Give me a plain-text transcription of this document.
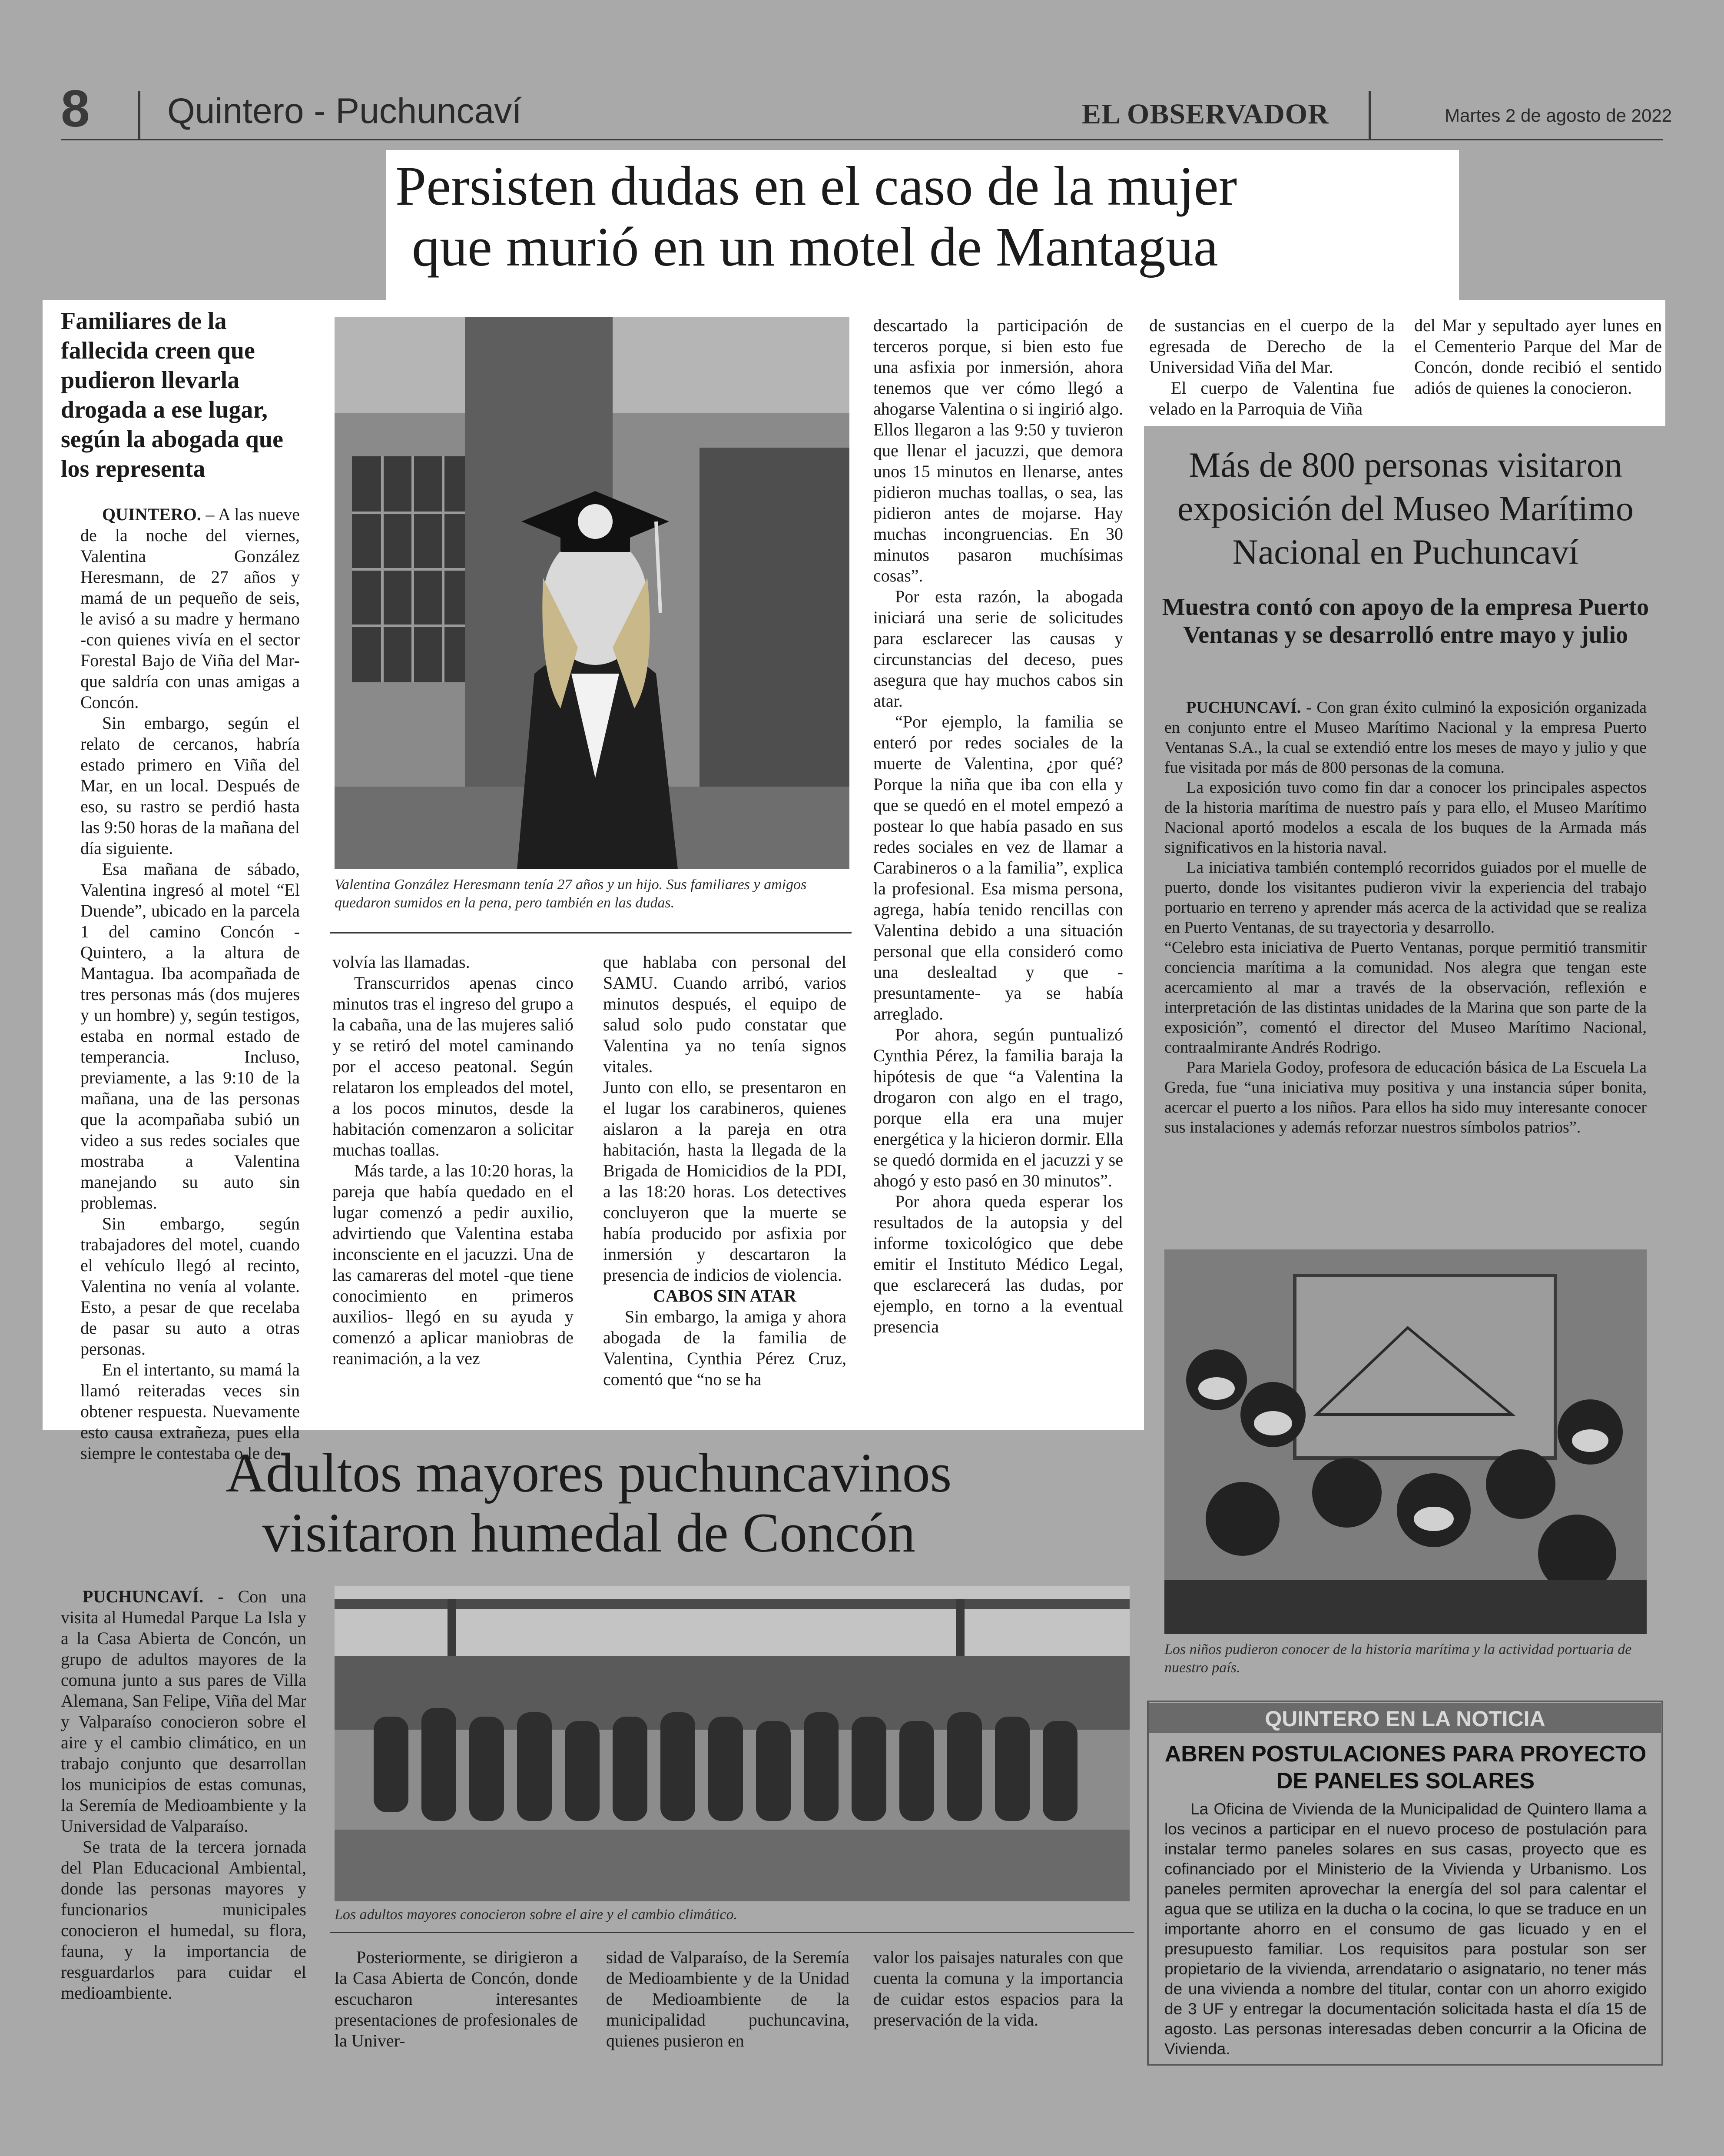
8 Quintero - Puchuncaví	EL OBSERVADOR	Martes 2 de agosto de 2022
Persisten dudas en el caso de la mujer
que murió en un motel de Mantagua
Familiares de la fallecida creen que pudieron llevarla drogada a ese lugar, según la abogada que los representa

QUINTERO. – A las nueve de la noche del viernes, Valentina González Heresmann, de 27 años y mamá de un pequeño de seis, le avisó a su madre y hermano -con quienes vivía en el sector Forestal Bajo de Viña del Mar- que saldría con unas amigas a Concón.

Sin embargo, según el relato de cercanos, habría estado primero en Viña del Mar, en un local. Después de eso, su rastro se perdió hasta las 9:50 horas de la mañana del día siguiente.

Esa mañana de sábado, Valentina ingresó al motel “El Duende”, ubicado en la parcela 1 del camino Concón - Quintero, a la altura de Mantagua. Iba acompañada de tres personas más (dos mujeres y un hombre) y, según testigos, estaba en normal estado de temperancia. Incluso, previamente, a las 9:10 de la mañana, una de las personas que la acompañaba subió un video a sus redes sociales que mostraba a Valentina manejando su auto sin problemas.

Sin embargo, según trabajadores del motel, cuando el vehículo llegó al recinto, Valentina no venía al volante. Esto, a pesar de que recelaba de pasar su auto a otras personas.

En el intertanto, su mamá la llamó reiteradas veces sin obtener respuesta. Nuevamente esto causa extrañeza, pues ella siempre le contestaba o le de-

Valentina González Heresmann tenía 27 años y un hijo. Sus familiares y amigos quedaron sumidos en la pena, pero también en las dudas.

volvía las llamadas.

Transcurridos apenas cinco minutos tras el ingreso del grupo a la cabaña, una de las mujeres salió y se retiró del motel caminando por el acceso peatonal. Según relataron los empleados del motel, a los pocos minutos, desde la habitación comenzaron a solicitar muchas toallas.

Más tarde, a las 10:20 horas, la pareja que había quedado en el lugar comenzó a pedir auxilio, advirtiendo que Valentina estaba inconsciente en el jacuzzi. Una de las camareras del motel -que tiene conocimiento en primeros auxilios- llegó en su ayuda y comenzó a aplicar maniobras de reanimación, a la vez

que hablaba con personal del SAMU. Cuando arribó, varios minutos después, el equipo de salud solo pudo constatar que Valentina ya no tenía signos vitales.

Junto con ello, se presentaron en el lugar los carabineros, quienes aislaron a la pareja en otra habitación, hasta la llegada de la Brigada de Homicidios de la PDI, a las 18:20 horas. Los detectives concluyeron que la muerte se había producido por asfixia por inmersión y descartaron la presencia de indicios de violencia.

CABOS SIN ATAR

Sin embargo, la amiga y ahora abogada de la familia de Valentina, Cynthia Pérez Cruz, comentó que “no se ha

descartado la participación de terceros porque, si bien esto fue una asfixia por inmersión, ahora tenemos que ver cómo llegó a ahogarse Valentina o si ingirió algo. Ellos llegaron a las 9:50 y tuvieron que llenar el jacuzzi, que demora unos 15 minutos en llenarse, antes pidieron muchas toallas, o sea, las pidieron antes de mojarse. Hay muchas incongruencias. En 30 minutos pasaron muchísimas cosas”.

Por esta razón, la abogada iniciará una serie de solicitudes para esclarecer las causas y circunstancias del deceso, pues asegura que hay muchos cabos sin atar.

“Por ejemplo, la familia se enteró por redes sociales de la muerte de Valentina, ¿por qué? Porque la niña que iba con ella y que se quedó en el motel empezó a postear lo que había pasado en sus redes sociales en vez de llamar a Carabineros o a la familia”, explica la profesional. Esa misma persona, agrega, había tenido rencillas con Valentina debido a una situación personal que ella consideró como una deslealtad y que -presuntamente- ya se había arreglado.

Por ahora, según puntualizó Cynthia Pérez, la familia baraja la hipótesis de que “a Valentina la drogaron con algo en el trago, porque ella era una mujer energética y la hicieron dormir. Ella se quedó dormida en el jacuzzi y se ahogó y esto pasó en 30 minutos”.

Por ahora queda esperar los resultados de la autopsia y del informe toxicológico que debe emitir el Instituto Médico Legal, que esclarecerá las dudas, por ejemplo, en torno a la eventual presencia

de sustancias en el cuerpo de la egresada de Derecho de la Universidad Viña del Mar.

El cuerpo de Valentina fue velado en la Parroquia de Viña

del Mar y sepultado ayer lunes en el Cementerio Parque del Mar de Concón, donde recibió el sentido adiós de quienes la conocieron.

Más de 800 personas visitaron exposición del Museo Marítimo Nacional en Puchuncaví
Muestra contó con apoyo de la empresa Puerto Ventanas y se desarrolló entre mayo y julio

PUCHUNCAVÍ. - Con gran éxito culminó la exposición organizada en conjunto entre el Museo Marítimo Nacional y la empresa Puerto Ventanas S.A., la cual se extendió entre los meses de mayo y julio y que fue visitada por más de 800 personas de la comuna.

La exposición tuvo como fin dar a conocer los principales aspectos de la historia marítima de nuestro país y para ello, el Museo Marítimo Nacional aportó modelos a escala de los buques de la Armada más significativos en la historia naval.

La iniciativa también contempló recorridos guiados por el muelle de puerto, donde los visitantes pudieron vivir la experiencia del trabajo portuario en terreno y aprender más acerca de la actividad que se realiza en Puerto Ventanas, de su trayectoria y desarrollo.

“Celebro esta iniciativa de Puerto Ventanas, porque permitió transmitir conciencia marítima a la comunidad. Nos alegra que tengan este acercamiento al mar a través de la observación, reflexión e interpretación de las distintas unidades de la Marina que son parte de la exposición”, comentó el director del Museo Marítimo Nacional, contraalmirante Andrés Rodrigo.

Para Mariela Godoy, profesora de educación básica de La Escuela La Greda, fue “una iniciativa muy positiva y una instancia súper bonita, acercar el puerto a los niños. Para ellos ha sido muy interesante conocer sus instalaciones y además reforzar nuestros símbolos patrios”.

Los niños pudieron conocer de la historia marítima y la actividad portuaria de nuestro país.
Adultos mayores puchuncavinos
visitaron humedal de Concón

PUCHUNCAVÍ. - Con una visita al Humedal Parque La Isla y a la Casa Abierta de Concón, un grupo de adultos mayores de la comuna junto a sus pares de Villa Alemana, San Felipe, Viña del Mar y Valparaíso conocieron sobre el aire y el cambio climático, en un trabajo conjunto que desarrollan los municipios de estas comunas, la Seremía de Medioambiente y la Universidad de Valparaíso.

Se trata de la tercera jornada del Plan Educacional Ambiental, donde las personas mayores y funcionarios municipales conocieron el humedal, su flora, fauna, y la importancia de resguardarlos para cuidar el medioambiente.

Los adultos mayores conocieron sobre el aire y el cambio climático.

Posteriormente, se dirigieron a la Casa Abierta de Concón, donde escucharon interesantes presentaciones de profesionales de la Univer-

sidad de Valparaíso, de la Seremía de Medioambiente y de la Unidad de Medioambiente de la municipalidad puchuncavina, quienes pusieron en

valor los paisajes naturales con que cuenta la comuna y la importancia de cuidar estos espacios para la preservación de la vida.

QUINTERO EN LA NOTICIA
ABREN POSTULACIONES PARA PROYECTO DE PANELES SOLARES

La Oficina de Vivienda de la Municipalidad de Quintero llama a los vecinos a participar en el nuevo proceso de postulación para instalar termo paneles solares en sus casas, proyecto que es cofinanciado por el Ministerio de la Vivienda y Urbanismo. Los paneles permiten aprovechar la energía del sol para calentar el agua que se utiliza en la ducha o la cocina, lo que se traduce en un importante ahorro en el consumo de gas licuado y en el presupuesto familiar. Los requisitos para postular son ser propietario de la vivienda, arrendatario o asignatario, no tener más de una vivienda a nombre del titular, contar con un ahorro exigido de 3 UF y entregar la documentación solicitada hasta el día 15 de agosto. Las personas interesadas deben concurrir a la Oficina de Vivienda.
